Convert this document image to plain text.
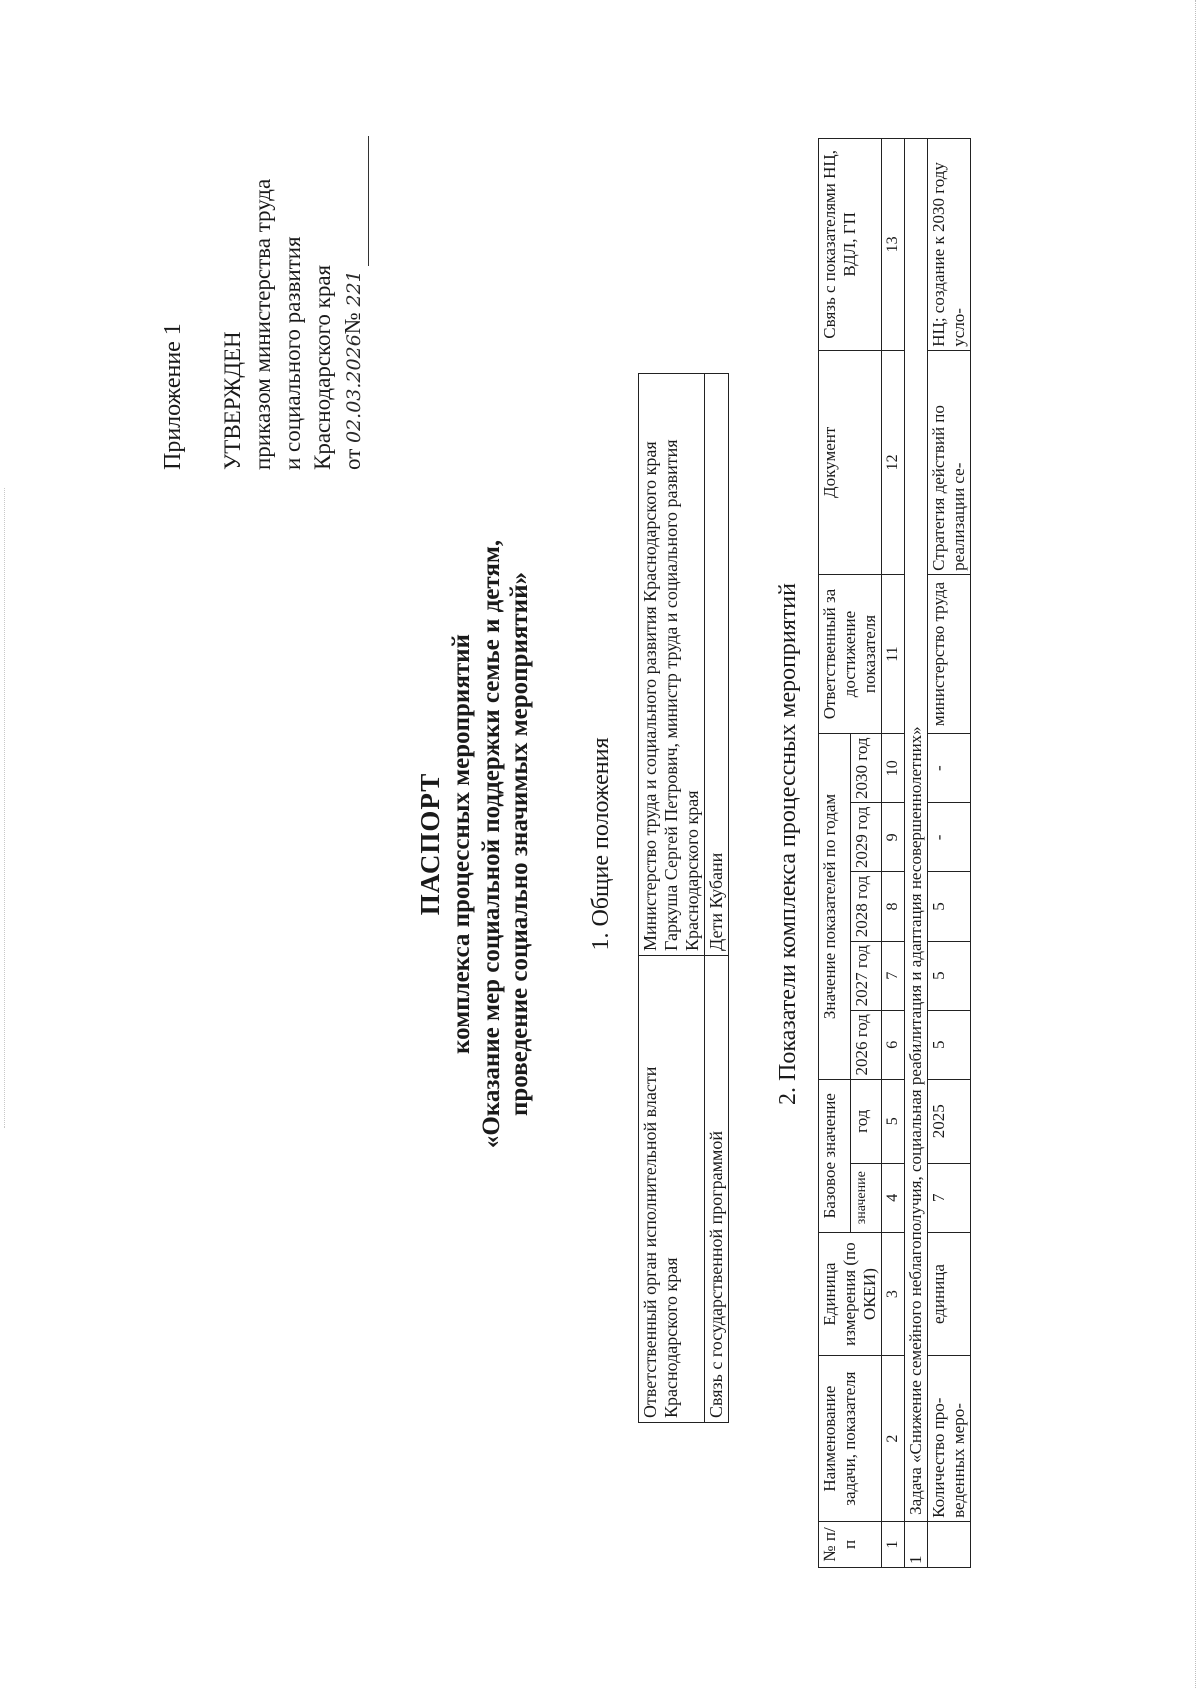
Приложение 1 УТВЕРЖДЕН приказом министерства труда и социального развития Краснодарского края от 02.03.2026№ 221
ПАСПОРТ комплекса процессных мероприятий «Оказание мер социальной поддержки семье и детям, проведение социально значимых мероприятий» 1. Общие положения
Ответственный орган исполнительной власти Краснодарского края	Министерство труда и социального развития Краснодарского края Гаркуша Сергей Петрович, министр труда и социального развития Краснодарского края
Связь с государственной программой	Дети Кубани 2. Показатели комплекса процессных мероприятий
№ п/п	Наименование задачи, показателя	Единица измерения (по ОКЕИ)	Базовое значение		Значение показателей по годам					Ответственный за достижение показателя	Документ	Связь с показателями НЦ, ВДЛ, ГП
			значение	год	2026 год	2027 год	2028 год	2029 год	2030 год			
1	2	3	4	5	6	7	8	9	10	11	12	13
1	Задача «Снижение семейного неблагополучия, социальная реабилитация и адаптация несовершеннолетних»											
	Количество про- веденных меро-	единица	7	2025	5	5	5	-	-	министерство труда	Стратегия действий по реализации се-	НЦ; создание к 2030 году усло-
